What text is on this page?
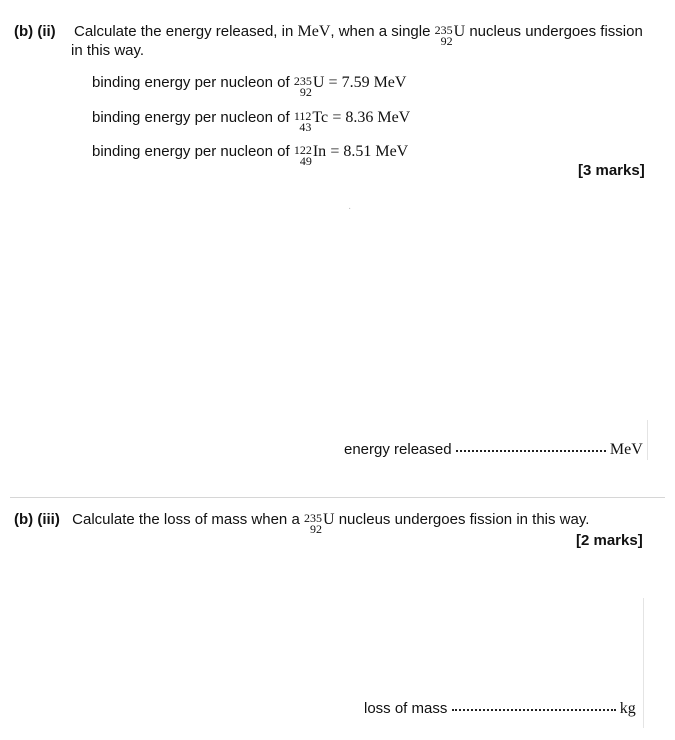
(b) (ii) Calculate the energy released, in MeV, when a single 235
92
U nucleus undergoes fission
in this way.
binding energy per nucleon of 235
92
U = 7.59 MeV
binding energy per nucleon of 112
43
Tc = 8.36 MeV
binding energy per nucleon of 122
49
In = 8.51 MeV
[3 marks]
·
energy released	MeV
(b) (iii) Calculate the loss of mass when a 235
92
U nucleus undergoes fission in this way.
[2 marks]
loss of mass	kg
